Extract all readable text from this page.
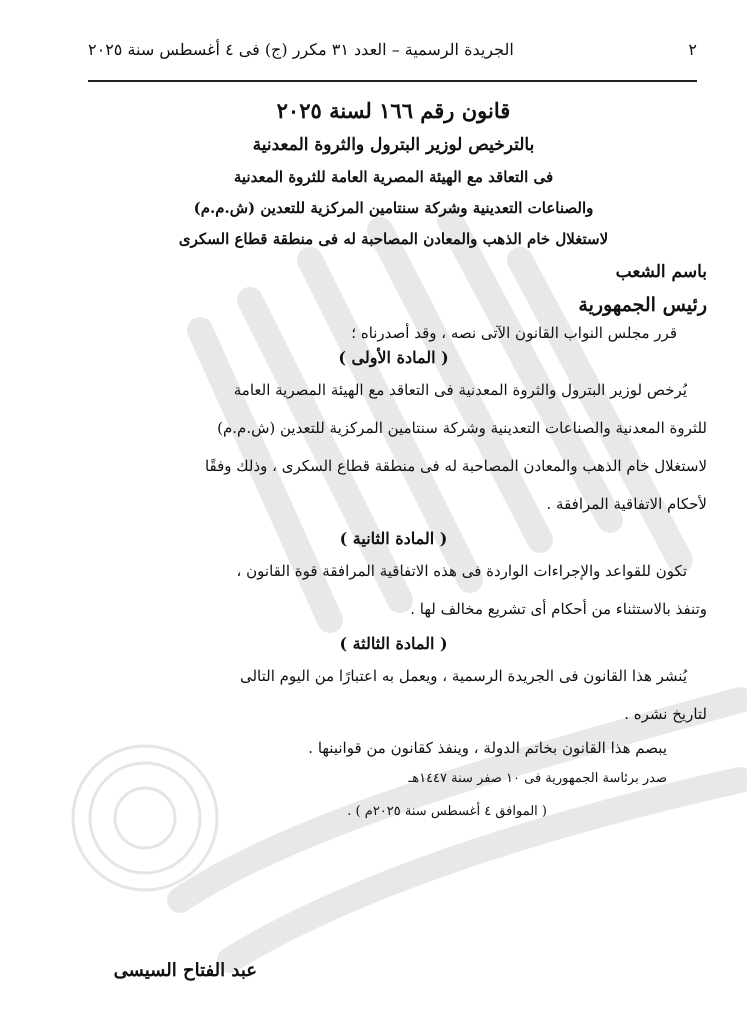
٢
الجريدة الرسمية – العدد ٣١ مكرر (ج) فى ٤ أغسطس سنة ٢٠٢٥
قانون رقم ١٦٦ لسنة ٢٠٢٥
بالترخيص لوزير البترول والثروة المعدنية
فى التعاقد مع الهيئة المصرية العامة للثروة المعدنية
والصناعات التعدينية وشركة سنتامين المركزية للتعدين (ش.م.م)
لاستغلال خام الذهب والمعادن المصاحبة له فى منطقة قطاع السكرى
باسم الشعب
رئيس الجمهورية
قرر مجلس النواب القانون الآتى نصه ، وقد أصدرناه ؛
( المادة الأولى )
يُرخص لوزير البترول والثروة المعدنية فى التعاقد مع الهيئة المصرية العامة
للثروة المعدنية والصناعات التعدينية وشركة سنتامين المركزية للتعدين (ش.م.م)
لاستغلال خام الذهب والمعادن المصاحبة له فى منطقة قطاع السكرى ، وذلك وفقًا
لأحكام الاتفاقية المرافقة .
( المادة الثانية )
تكون للقواعد والإجراءات الواردة فى هذه الاتفاقية المرافقة قوة القانون ،
وتنفذ بالاستثناء من أحكام أى تشريع مخالف لها .
( المادة الثالثة )
يُنشر هذا القانون فى الجريدة الرسمية ، ويعمل به اعتبارًا من اليوم التالى
لتاريخ نشره .
يبصم هذا القانون بخاتم الدولة ، وينفذ كقانون من قوانينها .
صدر برئاسة الجمهورية فى ١٠ صفر سنة ١٤٤٧هـ
( الموافق ٤ أغسطس سنة ٢٠٢٥م ) .
عبد الفتاح السيسى
